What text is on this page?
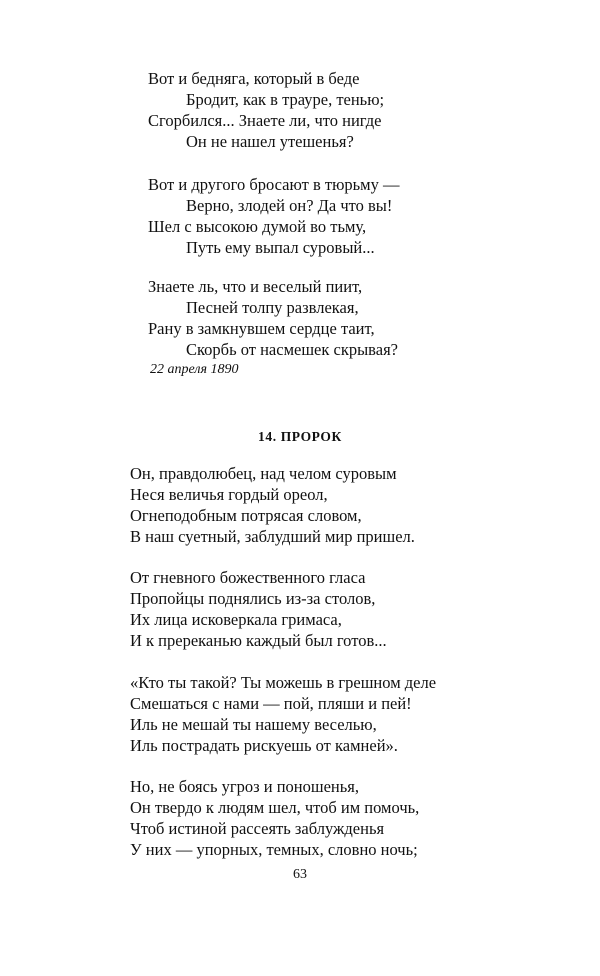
Вот и бедняга, который в беде
Бродит, как в трауре, тенью;
Сгорбился... Знаете ли, что нигде
Он не нашел утешенья?
Вот и другого бросают в тюрьму —
Верно, злодей он? Да что вы!
Шел с высокою думой во тьму,
Путь ему выпал суровый...
Знаете ль, что и веселый пиит,
Песней толпу развлекая,
Рану в замкнувшем сердце таит,
Скорбь от насмешек скрывая?
22 апреля 1890
14. ПРОРОК
Он, правдолюбец, над челом суровым
Неся величья гордый ореол,
Огнеподобным потрясая словом,
В наш суетный, заблудший мир пришел.
От гневного божественного гласа
Пропойцы поднялись из-за столов,
Их лица исковеркала гримаса,
И к пререканью каждый был готов...
«Кто ты такой? Ты можешь в грешном деле
Смешаться с нами — пой, пляши и пей!
Иль не мешай ты нашему веселью,
Иль пострадать рискуешь от камней».
Но, не боясь угроз и поношенья,
Он твердо к людям шел, чтоб им помочь,
Чтоб истиной рассеять заблужденья
У них — упорных, темных, словно ночь;
63
